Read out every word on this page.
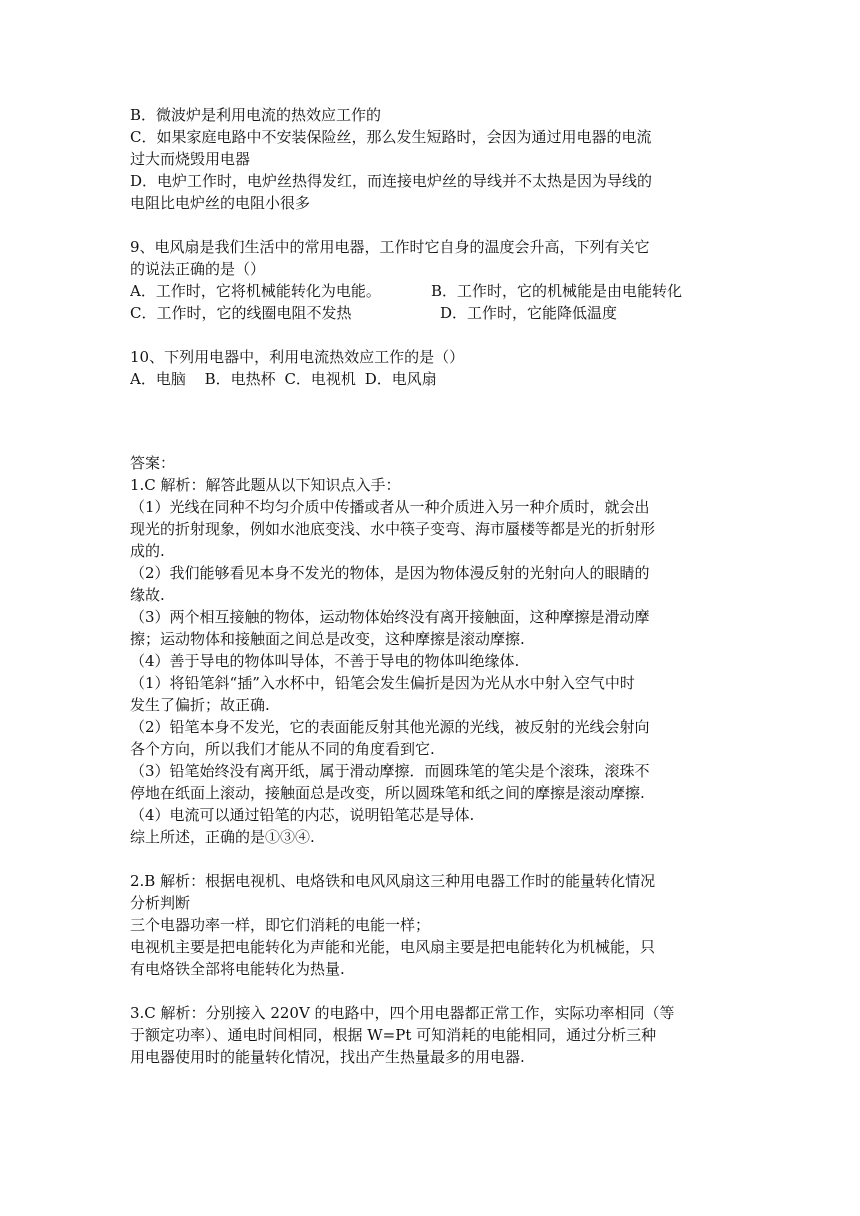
B．微波炉是利用电流的热效应工作的
C．如果家庭电路中不安装保险丝，那么发生短路时，会因为通过用电器的电流
过大而烧毁用电器
D．电炉工作时，电炉丝热得发红，而连接电炉丝的导线并不太热是因为导线的
电阻比电炉丝的电阻小很多
9、电风扇是我们生活中的常用电器，工作时它自身的温度会升高，下列有关它
的说法正确的是（）
A．工作时，它将机械能转化为电能。	B．工作时，它的机械能是由电能转化
C．工作时，它的线圈电阻不发热	D．工作时，它能降低温度
10、下列用电器中，利用电流热效应工作的是（）
A．电脑 B．电热杯 C．电视机 D．电风扇
答案：
1.C 解析：解答此题从以下知识点入手：
（1）光线在同种不均匀介质中传播或者从一种介质进入另一种介质时，就会出
现光的折射现象，例如水池底变浅、水中筷子变弯、海市蜃楼等都是光的折射形
成的.
（2）我们能够看见本身不发光的物体，是因为物体漫反射的光射向人的眼睛的
缘故.
（3）两个相互接触的物体，运动物体始终没有离开接触面，这种摩擦是滑动摩
擦；运动物体和接触面之间总是改变，这种摩擦是滚动摩擦.
（4）善于导电的物体叫导体，不善于导电的物体叫绝缘体.
（1）将铅笔斜“插”入水杯中，铅笔会发生偏折是因为光从水中射入空气中时
发生了偏折；故正确.
（2）铅笔本身不发光，它的表面能反射其他光源的光线，被反射的光线会射向
各个方向，所以我们才能从不同的角度看到它.
（3）铅笔始终没有离开纸，属于滑动摩擦．而圆珠笔的笔尖是个滚珠，滚珠不
停地在纸面上滚动，接触面总是改变，所以圆珠笔和纸之间的摩擦是滚动摩擦.
（4）电流可以通过铅笔的内芯，说明铅笔芯是导体.
综上所述，正确的是①③④.
2.B 解析：根据电视机、电烙铁和电风风扇这三种用电器工作时的能量转化情况
分析判断
三个电器功率一样，即它们消耗的电能一样；
电视机主要是把电能转化为声能和光能，电风扇主要是把电能转化为机械能，只
有电烙铁全部将电能转化为热量.
3.C 解析：分别接入 220V 的电路中，四个用电器都正常工作，实际功率相同（等
于额定功率）、通电时间相同，根据 W=Pt 可知消耗的电能相同，通过分析三种
用电器使用时的能量转化情况，找出产生热量最多的用电器.
